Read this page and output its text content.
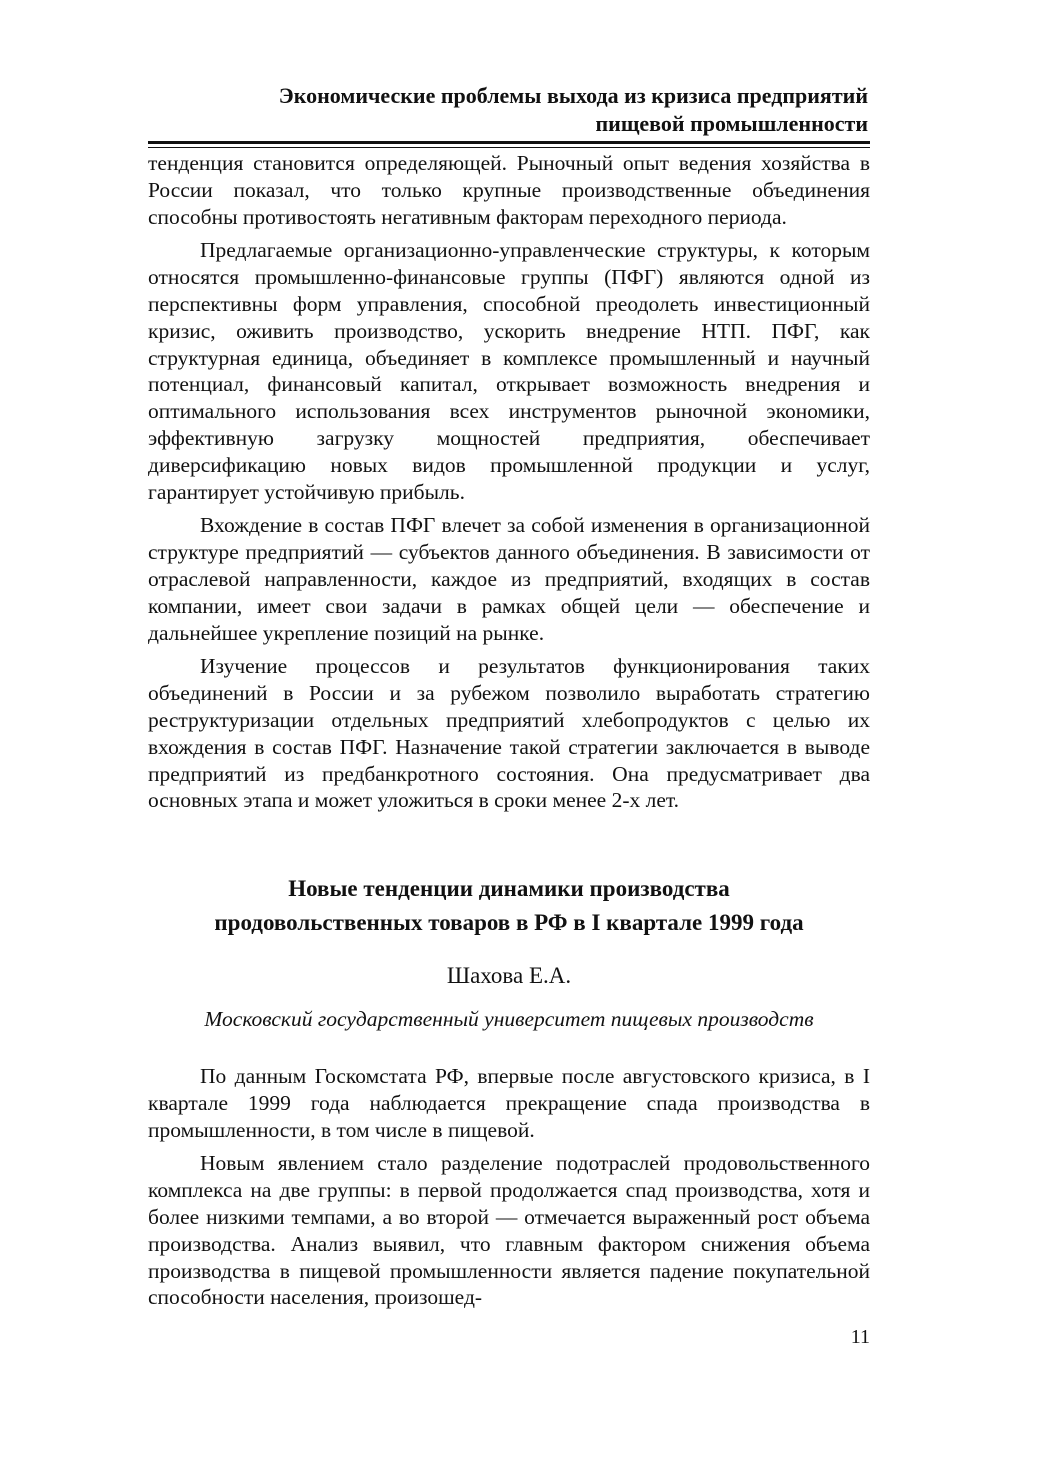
Экономические проблемы выхода из кризиса предприятий
пищевой промышленности

тенденция становится определяющей. Рыночный опыт ведения хозяйства в России показал, что только крупные производственные объединения способны противостоять негативным факторам переходного периода.

Предлагаемые организационно-управленческие структуры, к которым относятся промышленно-финансовые группы (ПФГ) являются одной из перспективны форм управления, способной преодолеть инвестиционный кризис, оживить производство, ускорить внедрение НТП. ПФГ, как структурная единица, объединяет в комплексе промышленный и научный потенциал, финансовый капитал, открывает возможность внедрения и оптимального использования всех инструментов рыночной экономики, эффективную загрузку мощностей предприятия, обеспечивает диверсификацию новых видов промышленной продукции и услуг, гарантирует устойчивую прибыль.

Вхождение в состав ПФГ влечет за собой изменения в организационной структуре предприятий — субъектов данного объединения. В зависимости от отраслевой направленности, каждое из предприятий, входящих в состав компании, имеет свои задачи в рамках общей цели — обеспечение и дальнейшее укрепление позиций на рынке.

Изучение процессов и результатов функционирования таких объединений в России и за рубежом позволило выработать стратегию реструктуризации отдельных предприятий хлебопродуктов с целью их вхождения в состав ПФГ. Назначение такой стратегии заключается в выводе предприятий из предбанкротного состояния. Она предусматривает два основных этапа и может уложиться в сроки менее 2-х лет.

Новые тенденции динамики производства
продовольственных товаров в РФ в I квартале 1999 года

Шахова Е.А.

Московский государственный университет пищевых производств

По данным Госкомстата РФ, впервые после августовского кризиса, в I квартале 1999 года наблюдается прекращение спада производства в промышленности, в том числе в пищевой.

Новым явлением стало разделение подотраслей продовольственного комплекса на две группы: в первой продолжается спад производства, хотя и более низкими темпами, а во второй — отмечается выраженный рост объема производства. Анализ выявил, что главным фактором снижения объема производства в пищевой промышленности является падение покупательной способности населения, произошед-

11
